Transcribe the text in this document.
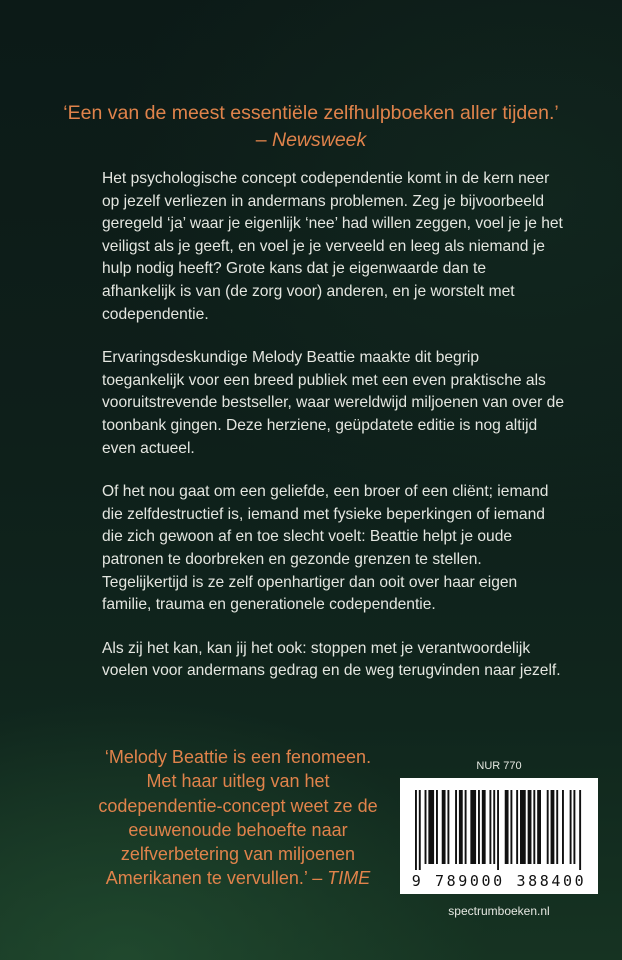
‘Een van de meest essentiële zelfhulpboeken aller tijden.’ – Newsweek

Het psychologische concept codependentie komt in de kern neer op jezelf verliezen in andermans problemen. Zeg je bijvoorbeeld geregeld ‘ja’ waar je eigenlijk ‘nee’ had willen zeggen, voel je je het veiligst als je geeft, en voel je je verveeld en leeg als niemand je hulp nodig heeft? Grote kans dat je eigenwaarde dan te afhankelijk is van (de zorg voor) anderen, en je worstelt met codependentie.

Ervaringsdeskundige Melody Beattie maakte dit begrip toegankelijk voor een breed publiek met een even praktische als vooruitstrevende bestseller, waar wereldwijd miljoenen van over de toonbank gingen. Deze herziene, geüpdatete editie is nog altijd even actueel.

Of het nou gaat om een geliefde, een broer of een cliënt; iemand die zelfdestructief is, iemand met fysieke beperkingen of iemand die zich gewoon af en toe slecht voelt: Beattie helpt je oude patronen te doorbreken en gezonde grenzen te stellen. Tegelijkertijd is ze zelf openhartiger dan ooit over haar eigen familie, trauma en generationele codependentie.

Als zij het kan, kan jij het ook: stoppen met je verantwoordelijk voelen voor andermans gedrag en de weg terugvinden naar jezelf.

‘Melody Beattie is een fenomeen. Met haar uitleg van het codependentie-concept weet ze de eeuwenoude behoefte naar zelfverbetering van miljoenen Amerikanen te vervullen.’ – TIME
NUR 770
9 789000 388400
spectrumboeken.nl
